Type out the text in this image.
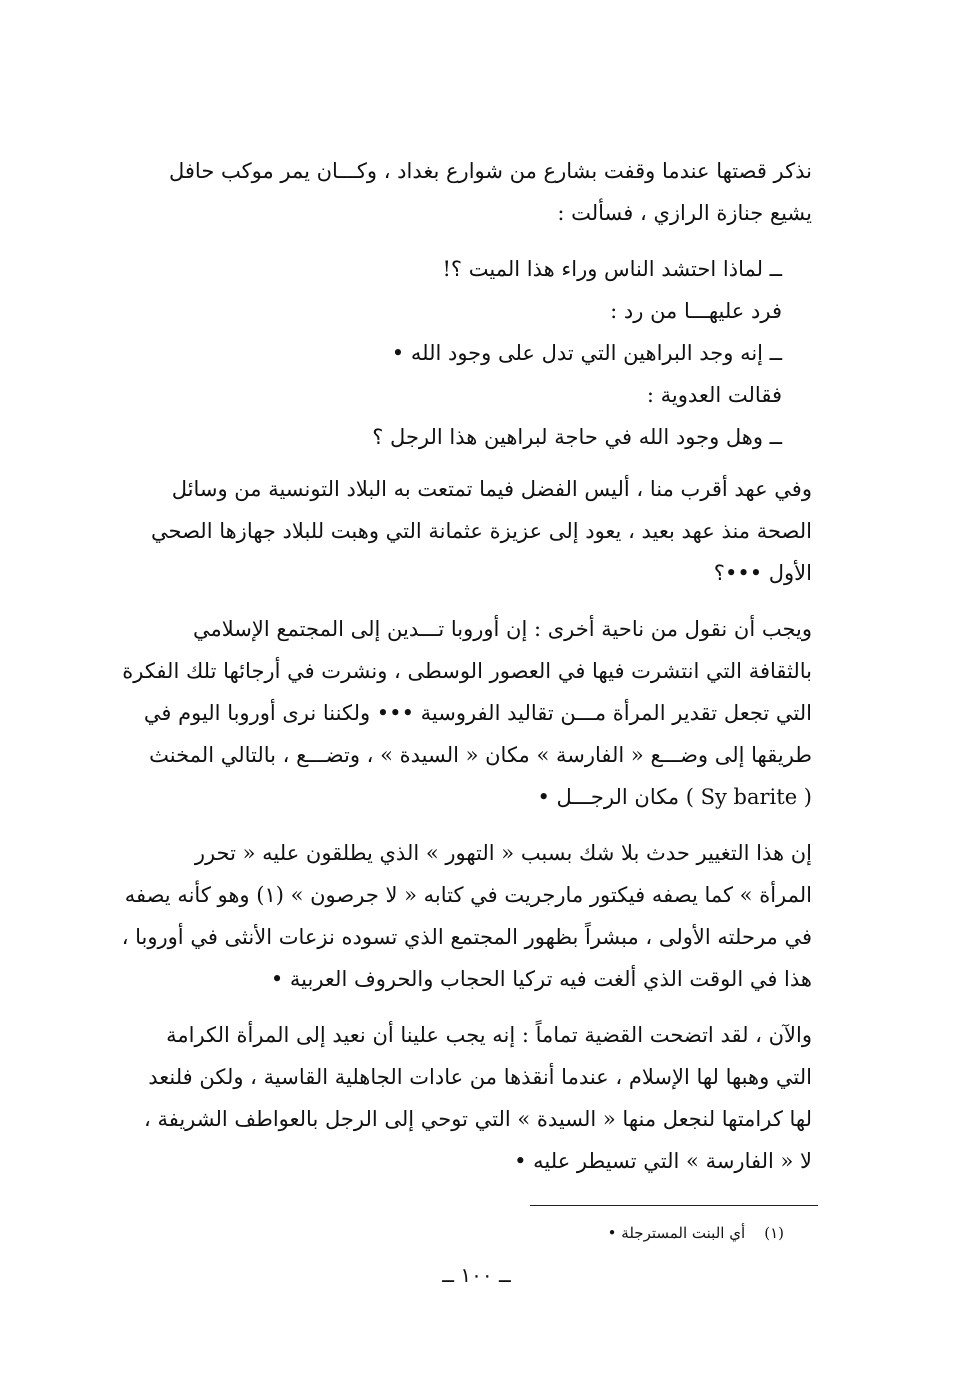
نذكر قصتها عندما وقفت بشارع من شوارع بغداد ، وكـــان يمر موكب حافل
يشيع جنازة الرازي ، فسألت :
ــ لماذا احتشد الناس وراء هذا الميت ؟!
فرد عليهـــا من رد :
ــ إنه وجد البراهين التي تدل على وجود الله •
فقالت العدوية :
ــ وهل وجود الله في حاجة لبراهين هذا الرجل ؟
وفي عهد أقرب منا ، أليس الفضل فيما تمتعت به البلاد التونسية من وسائل
الصحة منذ عهد بعيد ، يعود إلى عزيزة عثمانة التي وهبت للبلاد جهازها الصحي
الأول •••؟
ويجب أن نقول من ناحية أخرى : إن أوروبا تـــدين إلى المجتمع الإسلامي
بالثقافة التي انتشرت فيها في العصور الوسطى ، ونشرت في أرجائها تلك الفكرة
التي تجعل تقدير المرأة مـــن تقاليد الفروسية ••• ولكننا نرى أوروبا اليوم في
طريقها إلى وضـــع « الفارسة » مكان « السيدة » ، وتضـــع ، بالتالي المخنث
( Sy barite ) مكان الرجـــل •
إن هذا التغيير حدث بلا شك بسبب « التهور » الذي يطلقون عليه « تحرر
المرأة » كما يصفه فيكتور مارجريت في كتابه « لا جرصون » (١) وهو كأنه يصفه
في مرحلته الأولى ، مبشراً بظهور المجتمع الذي تسوده نزعات الأنثى في أوروبا ،
هذا في الوقت الذي ألغت فيه تركيا الحجاب والحروف العربية •
والآن ، لقد اتضحت القضية تماماً : إنه يجب علينا أن نعيد إلى المرأة الكرامة
التي وهبها لها الإسلام ، عندما أنقذها من عادات الجاهلية القاسية ، ولكن فلنعد
لها كرامتها لنجعل منها « السيدة » التي توحي إلى الرجل بالعواطف الشريفة ،
لا « الفارسة » التي تسيطر عليه •
(١)    أي البنت المسترجلة •
ــ ١٠٠ ــ
